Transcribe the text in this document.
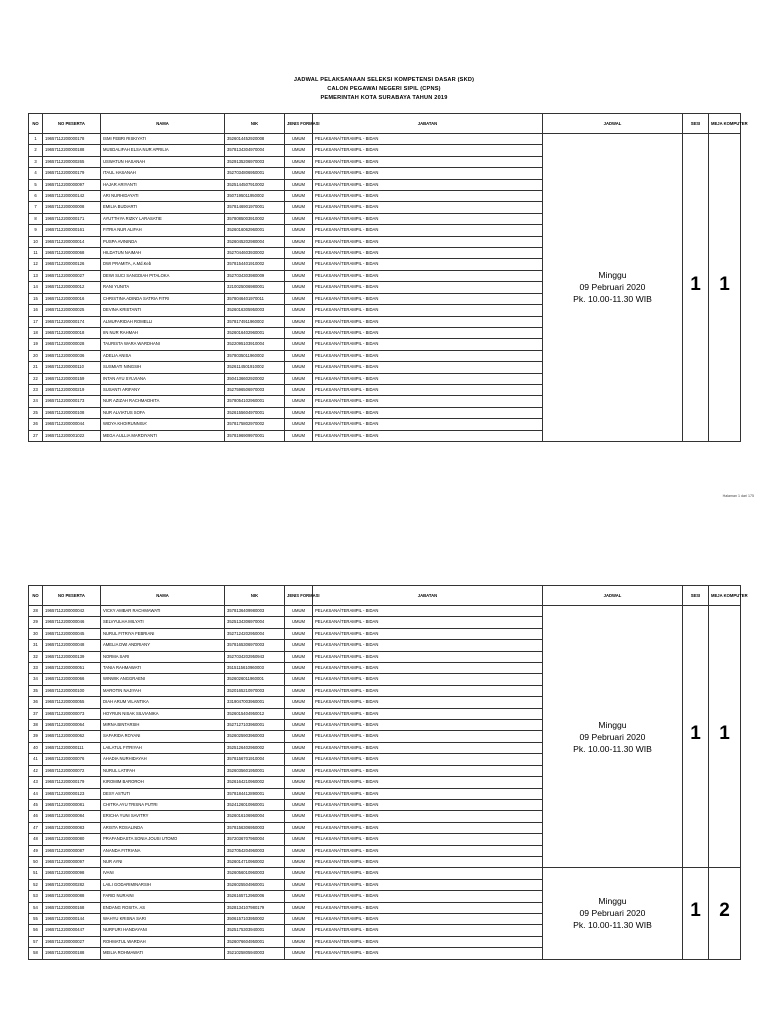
JADWAL PELAKSANAAN SELEKSI KOMPETENSI DASAR (SKD)
CALON PEGAWAI NEGERI SIPIL (CPNS)
PEMERINTAH KOTA SURABAYA TAHUN 2019
NO	NO PESERTA	NAMA	NIK	JENIS FORMASI	JABATAN	JADWAL	SESI	MEJA KOMPUTER
1	19657112200000178	ISMI FEBRI RISKIYATI	3526014452920008	UMUM	PELAKSANA/TERAMPIL - BIDAN	Minggu
09 Pebruari 2020
Pk. 10.00-11.30 WIB	1	1
2	19657112200000188	MUSDALIFAH ELSA NUR APRILIA	3578134304970004	UMUM	PELAKSANA/TERAMPIL - BIDAN			
3	19657112200000265	USWATUN HASANAH	3529135206970003	UMUM	PELAKSANA/TERAMPIL - BIDAN			
4	19657112200000179	ITAUL HASANAH	3527034806950001	UMUM	PELAKSANA/TERAMPIL - BIDAN			
5	19657112200000097	HAJAR ARIYANTI	3525144507910002	UMUM	PELAKSANA/TERAMPIL - BIDAN			
6	19657112200000142	ARI NURHIDAYATI	3507195011950002	UMUM	PELAKSANA/TERAMPIL - BIDAN			
7	19657112200000008	EMILIA BUDIARTI	3578146901970001	UMUM	PELAKSANA/TERAMPIL - BIDAN			
8	19657112200000171	AYUTTHYA RIZKY LARASATIE	3578085003910002	UMUM	PELAKSANA/TERAMPIL - BIDAN			
9	19657112200000161	FITRIA NUR ALIFAH	3526016062960001	UMUM	PELAKSANA/TERAMPIL - BIDAN			
10	19657112200000014	PUSPA AVININDA	3526045202980004	UMUM	PELAKSANA/TERAMPIL - BIDAN			
11	19657112200000068	HILDATUN NAIMAH	3527044603930002	UMUM	PELAKSANA/TERAMPIL - BIDAN			
12	19657112200000126	DWI PRAMITA, A.Md.Keb	3578154401910002	UMUM	PELAKSANA/TERAMPIL - BIDAN			
13	19657112200000027	DEWI SUCI SANGDIAH PITALOKA	3527034303980009	UMUM	PELAKSANA/TERAMPIL - BIDAN			
14	19657112200000012	RANI YUNITA	3210025006980001	UMUM	PELAKSANA/TERAMPIL - BIDAN			
15	19657112200000016	CHRISTINA ADINDA SATRIA FITRI	3578046401970011	UMUM	PELAKSANA/TERAMPIL - BIDAN			
16	19657112200000025	DEVINA KRISTANTI	3526016305950003	UMUM	PELAKSANA/TERAMPIL - BIDAN			
17	19657112200000174	ALMUFARIDAH ROMELLI	3578174911960002	UMUM	PELAKSANA/TERAMPIL - BIDAN			
18	19657112200000018	IIN NUR RAHMAH	3526016402960001	UMUM	PELAKSANA/TERAMPIL - BIDAN			
19	19657112200000028	TAURISTA WARA WARDHANI	3522095103910004	UMUM	PELAKSANA/TERAMPIL - BIDAN			
20	19657112200000036	ADELIA ANISA	3578035011960002	UMUM	PELAKSANA/TERAMPIL - BIDAN			
21	19657112200000110	SUSMIATI NINGSIH	3526114501910002	UMUM	PELAKSANA/TERAMPIL - BIDAN			
22	19657112200000159	INTAN AYU SYLVIANA	3504136602920002	UMUM	PELAKSANA/TERAMPIL - BIDAN			
23	19657112200000219	SUSANTI ARIFANY	3527596506970003	UMUM	PELAKSANA/TERAMPIL - BIDAN			
24	19657112200000173	NUR AZIZAH RACHMADHITA	3578054102960001	UMUM	PELAKSANA/TERAMPIL - BIDAN			
25	19657112200000108	NUR ALVIATUS SOFA	3526155604970001	UMUM	PELAKSANA/TERAMPIL - BIDAN			
26	19657112200000044	WIDYA KHOIRUNNISA'	3578175802970002	UMUM	PELAKSANA/TERAMPIL - BIDAN			
27	19657112200001022	MEGA AULLIA MARDIYANTI	3578196909970001	UMUM	PELAKSANA/TERAMPIL - BIDAN			
Halaman 1 dari 175
NO	NO PESERTA	NAMA	NIK	JENIS FORMASI	JABATAN	JADWAL	SESI	MEJA KOMPUTER
28	19657112200000042	VICKY AMBAR RACHMAWATI	3578136409980003	UMUM	PELAKSANA/TERAMPIL - BIDAN	Minggu
09 Pebruari 2020
Pk. 10.00-11.30 WIB	1	1
29	19657112200000046	SELVYULHA MILYATI	3525134306970004	UMUM	PELAKSANA/TERAMPIL - BIDAN			
30	19657112200000045	NURUL FITRIYA FEBRIANI	3527124202950004	UMUM	PELAKSANA/TERAMPIL - BIDAN			
31	19657112200000048	AMELIA DWI ANDRIANY	3578165306970003	UMUM	PELAKSANA/TERAMPIL - BIDAN			
32	19657112200000139	NORMA SARI	3527034202950943	UMUM	PELAKSANA/TERAMPIL - BIDAN			
33	19657112200000051	TANIA RAHMAWATI	3515115610960003	UMUM	PELAKSANA/TERAMPIL - BIDAN			
34	19657112200000066	WINWIK ANGGRAENI	3526026011960001	UMUM	PELAKSANA/TERAMPIL - BIDAN			
35	19657112200000100	MAROTIN NAJIYAH	3520165210970003	UMUM	PELAKSANA/TERAMPIL - BIDAN			
36	19657112200000055	DIAH ARUM VILANTIKA	3319047003960001	UMUM	PELAKSANA/TERAMPIL - BIDAN			
37	19657112200000073	HOYRUN NISAK SILVIANIKA	3526015404950012	UMUM	PELAKSANA/TERAMPIL - BIDAN			
38	19657112200000064	MIRNA BINTARSIH	3527127103960001	UMUM	PELAKSANA/TERAMPIL - BIDAN			
39	19657112200000062	SAFARIDA ROYANI	3526025903960003	UMUM	PELAKSANA/TERAMPIL - BIDAN			
40	19657112200000111	LAILATUL FITRIYAH	3525126402960002	UMUM	PELAKSANA/TERAMPIL - BIDAN			
41	19657112200000076	AHADIA NURHIDAYAH	3578156701910004	UMUM	PELAKSANA/TERAMPIL - BIDAN			
42	19657112200000072	NURUL LATIFAH	3526035601950001	UMUM	PELAKSANA/TERAMPIL - BIDAN			
43	19657112200000179	KIROMIM BAROROH	3526164210960002	UMUM	PELAKSANA/TERAMPIL - BIDAN			
44	19657112200000123	DESY ASTUTI	3578184412890001	UMUM	PELAKSANA/TERAMPIL - BIDAN			
45	19657112200000081	CHITRA AYU TRISNA PUTRI	3524126010960001	UMUM	PELAKSANA/TERAMPIL - BIDAN			
46	19657112200000084	ERICHA YUNI SAVITRY	3526016106960004	UMUM	PELAKSANA/TERAMPIL - BIDAN			
47	19657112200000083	ARISTA ROSALINDA	3578156306950003	UMUM	PELAKSANA/TERAMPIL - BIDAN			
48	19657112200000080	PRAFANDASTA SONIA JOUSI UTOMO	3572036707960004	UMUM	PELAKSANA/TERAMPIL - BIDAN			
49	19657112200000087	ANANDA FITRIANA	3527054204960003	UMUM	PELAKSANA/TERAMPIL - BIDAN			
50	19657112200000097	NUR AYNI	3526014710960002	UMUM	PELAKSANA/TERAMPIL - BIDAN			
51	19657112200000098	IVANI	3526056010960003	UMUM	PELAKSANA/TERAMPIL - BIDAN	Minggu
09 Pebruari 2020
Pk. 10.00-11.30 WIB	1	2
52	19657112200000282	LAILI GODARIMINARSIH	3526025504960001	UMUM	PELAKSANA/TERAMPIL - BIDAN			
53	19657112200000088	FARID NURAINI	3526165712960006	UMUM	PELAKSANA/TERAMPIL - BIDAN			
54	19657112200000168	ENDANG ROSITA. AS	3528134107980179	UMUM	PELAKSANA/TERAMPIL - BIDAN			
55	19657112200000144	WAHYU KRISNA SARI	3506157103950002	UMUM	PELAKSANA/TERAMPIL - BIDAN			
56	19657112200000447	NURFURI HANDAYANI	3525175303940001	UMUM	PELAKSANA/TERAMPIL - BIDAN			
57	19657112200000027	ROHMATUL WARDAH	3526076604950001	UMUM	PELAKSANA/TERAMPIL - BIDAN			
58	19657112200000188	MEILIA ROHMAWATI	3521025805940003	UMUM	PELAKSANA/TERAMPIL - BIDAN			
